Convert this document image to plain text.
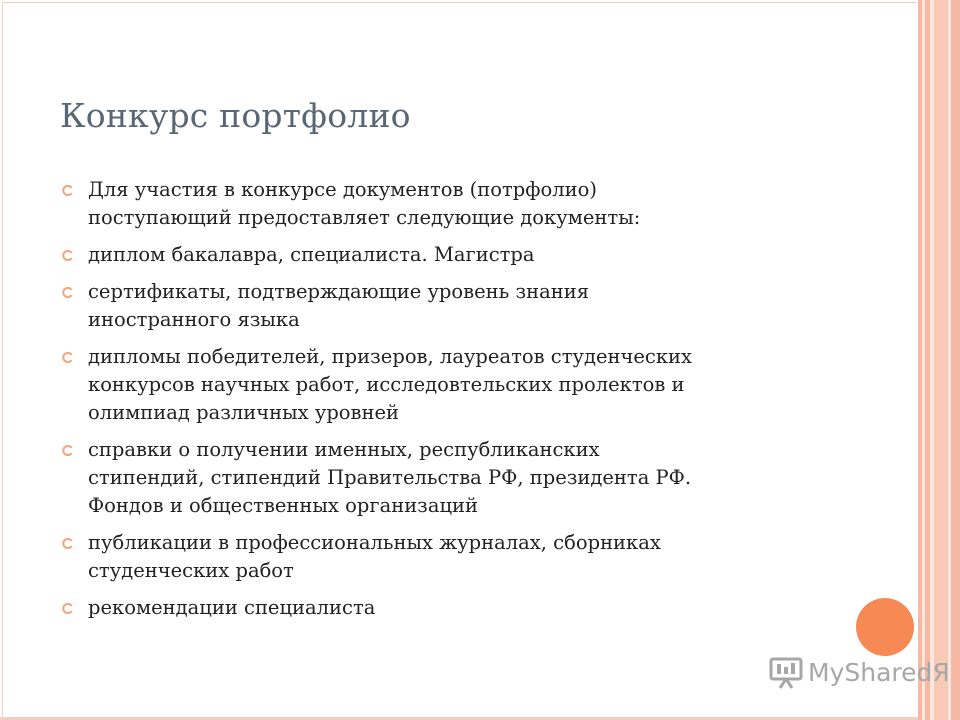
Конкурс портфолио
Для участия в конкурсе документов (потрфолио)
поступающий предоставляет следующие документы:
диплом бакалавра, специалиста. Магистра
сертификаты, подтверждающие уровень знания
иностранного языка
дипломы победителей, призеров, лауреатов студенческих
конкурсов научных работ, исследовтельских пролектов и
олимпиад различных уровней
справки о получении именных, республиканских
стипендий, стипендий Правительства РФ, президента РФ.
Фондов и общественных организаций
публикации в профессиональных журналах, сборниках
студенческих работ
рекомендации специалиста
MySharedЯ
